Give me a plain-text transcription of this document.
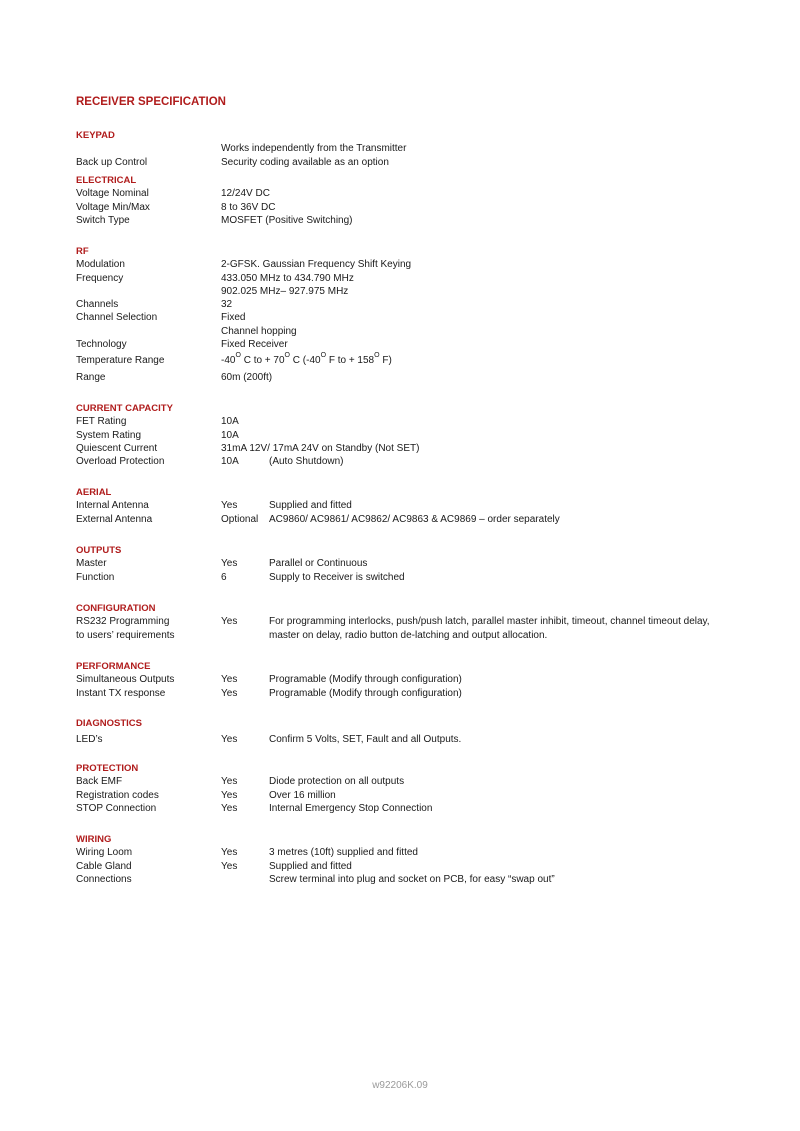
RECEIVER SPECIFICATION
KEYPAD
Works independently from the Transmitter
Back up Control	Security coding available as an option
ELECTRICAL
Voltage Nominal	12/24V DC
Voltage Min/Max	8 to 36V DC
Switch Type	MOSFET (Positive Switching)
RF
Modulation	2-GFSK. Gaussian Frequency Shift Keying
Frequency	433.050 MHz to 434.790 MHz
902.025 MHz– 927.975 MHz
Channels	32
Channel Selection	Fixed
Channel hopping
Technology	Fixed Receiver
Temperature Range	$-40^O$ C to + $70^O$ C ($-40^O$ F to + $158^O$ F)
Range	60m (200ft)
CURRENT CAPACITY
FET Rating	10A
System Rating	10A
Quiescent Current	31mA 12V/ 17mA 24V on Standby (Not SET)
Overload Protection	10A	(Auto Shutdown)
AERIAL
Internal Antenna	Yes	Supplied and fitted
External Antenna	Optional AC9860/ AC9861/ AC9862/ AC9863 & AC9869 – order separately
OUTPUTS
Master	Yes	Parallel or Continuous
Function	6	Supply to Receiver is switched
CONFIGURATION
RS232 Programming	Yes	For programming interlocks, push/push latch, parallel master inhibit, timeout, channel timeout delay,
to users’ requirements	master on delay, radio button de-latching and output allocation.
PERFORMANCE
Simultaneous Outputs	Yes	Programable (Modify through configuration)
Instant TX response	Yes	Programable (Modify through configuration)
DIAGNOSTICS
LED’s	Yes	Confirm 5 Volts, SET, Fault and all Outputs.
PROTECTION
Back EMF	Yes	Diode protection on all outputs
Registration codes	Yes	Over 16 million
STOP Connection	Yes	Internal Emergency Stop Connection
WIRING
Wiring Loom	Yes	3 metres (10ft) supplied and fitted
Cable Gland	Yes	Supplied and fitted
Connections	Screw terminal into plug and socket on PCB, for easy “swap out”
w92206K.09
